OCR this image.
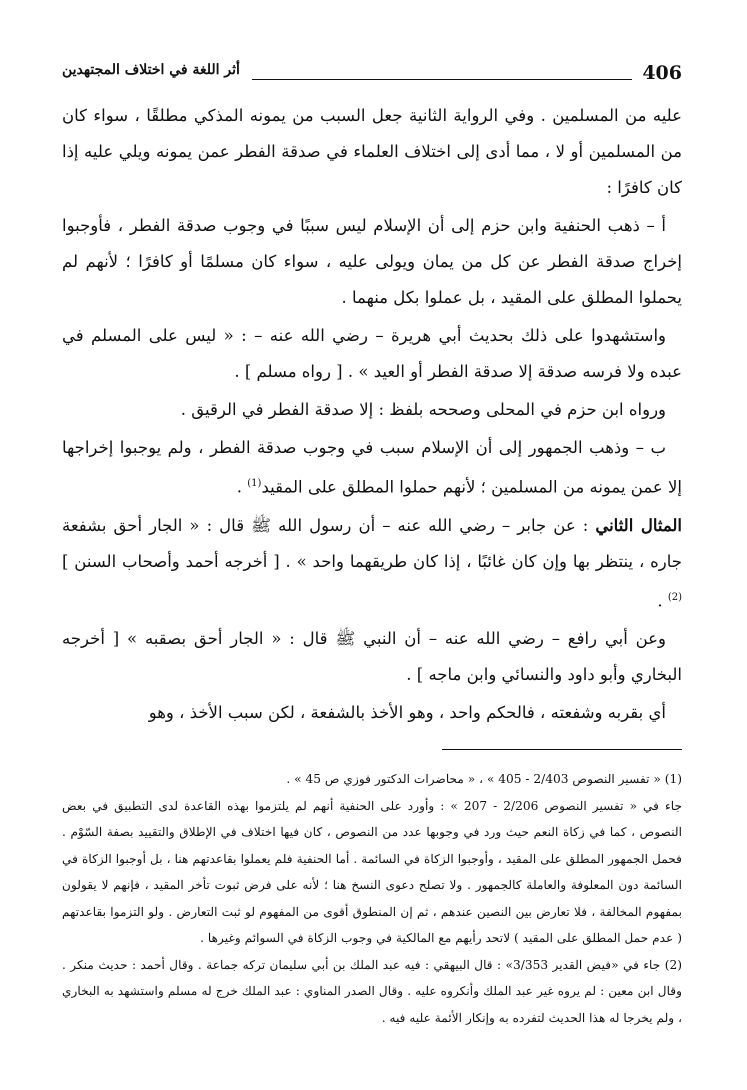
406
أثر اللغة في اختلاف المجتهدين

عليه من المسلمين . وفي الرواية الثانية جعل السبب من يمونه المذكي مطلقًا ، سواء كان من المسلمين أو لا ، مما أدى إلى اختلاف العلماء في صدقة الفطر عمن يمونه ويلي عليه إذا كان كافرًا :

أ – ذهب الحنفية وابن حزم إلى أن الإسلام ليس سببًا في وجوب صدقة الفطر ، فأوجبوا إخراج صدقة الفطر عن كل من يمان ويولى عليه ، سواء كان مسلمًا أو كافرًا ؛ لأنهم لم يحملوا المطلق على المقيد ، بل عملوا بكل منهما .

واستشهدوا على ذلك بحديث أبي هريرة – رضي الله عنه – : « ليس على المسلم في عبده ولا فرسه صدقة إلا صدقة الفطر أو العيد » . [ رواه مسلم ] .

ورواه ابن حزم في المحلى وصححه بلفظ : إلا صدقة الفطر في الرقيق .

ب – وذهب الجمهور إلى أن الإسلام سبب في وجوب صدقة الفطر ، ولم يوجبوا إخراجها إلا عمن يمونه من المسلمين ؛ لأنهم حملوا المطلق على المقيد$^{(1)}$ .

المثال الثاني : عن جابر – رضي الله عنه – أن رسول الله ﷺ قال : « الجار أحق بشفعة جاره ، ينتظر بها وإن كان غائبًا ، إذا كان طريقهما واحد » . [ أخرجه أحمد وأصحاب السنن ]$^{(2)}$ .

وعن أبي رافع – رضي الله عنه – أن النبي ﷺ قال : « الجار أحق بصقبه » [ أخرجه البخاري وأبو داود والنسائي وابن ماجه ] .

أي بقربه وشفعته ، فالحكم واحد ، وهو الأخذ بالشفعة ، لكن سبب الأخذ ، وهو

(1) « تفسير النصوص 2/403 - 405 » ، « محاضرات الدكتور فوزي ص 45 » .

جاء في « تفسير النصوص 2/206 - 207 » : وأورد على الحنفية أنهم لم يلتزموا بهذه القاعدة لدى التطبيق في بعض النصوص ، كما في زكاة النعم حيث ورد في وجوبها عدد من النصوص ، كان فيها اختلاف في الإطلاق والتقييد بصفة السّوْم . فحمل الجمهور المطلق على المقيد ، وأوجبوا الزكاة في السائمة . أما الحنفية فلم يعملوا بقاعدتهم هنا ، بل أوجبوا الزكاة في السائمة دون المعلوفة والعاملة كالجمهور . ولا تصلح دعوى النسخ هنا ؛ لأنه على فرض ثبوت تأخر المقيد ، فإنهم لا يقولون بمفهوم المخالفة ، فلا تعارض بين النصين عندهم ، ثم إن المنطوق أقوى من المفهوم لو ثبت التعارض . ولو التزموا بقاعدتهم ( عدم حمل المطلق على المقيد ) لاتحد رأيهم مع المالكية في وجوب الزكاة في السوائم وغيرها .

(2) جاء في «فيض القدير 3/353» : قال البيهقي : فيه عبد الملك بن أبي سليمان تركه جماعة . وقال أحمد : حديث منكر . وقال ابن معين : لم يروه غير عبد الملك وأنكروه عليه . وقال الصدر المناوي : عبد الملك خرج له مسلم واستشهد به البخاري ، ولم يخرجا له هذا الحديث لتفرده به وإنكار الأئمة عليه فيه .
